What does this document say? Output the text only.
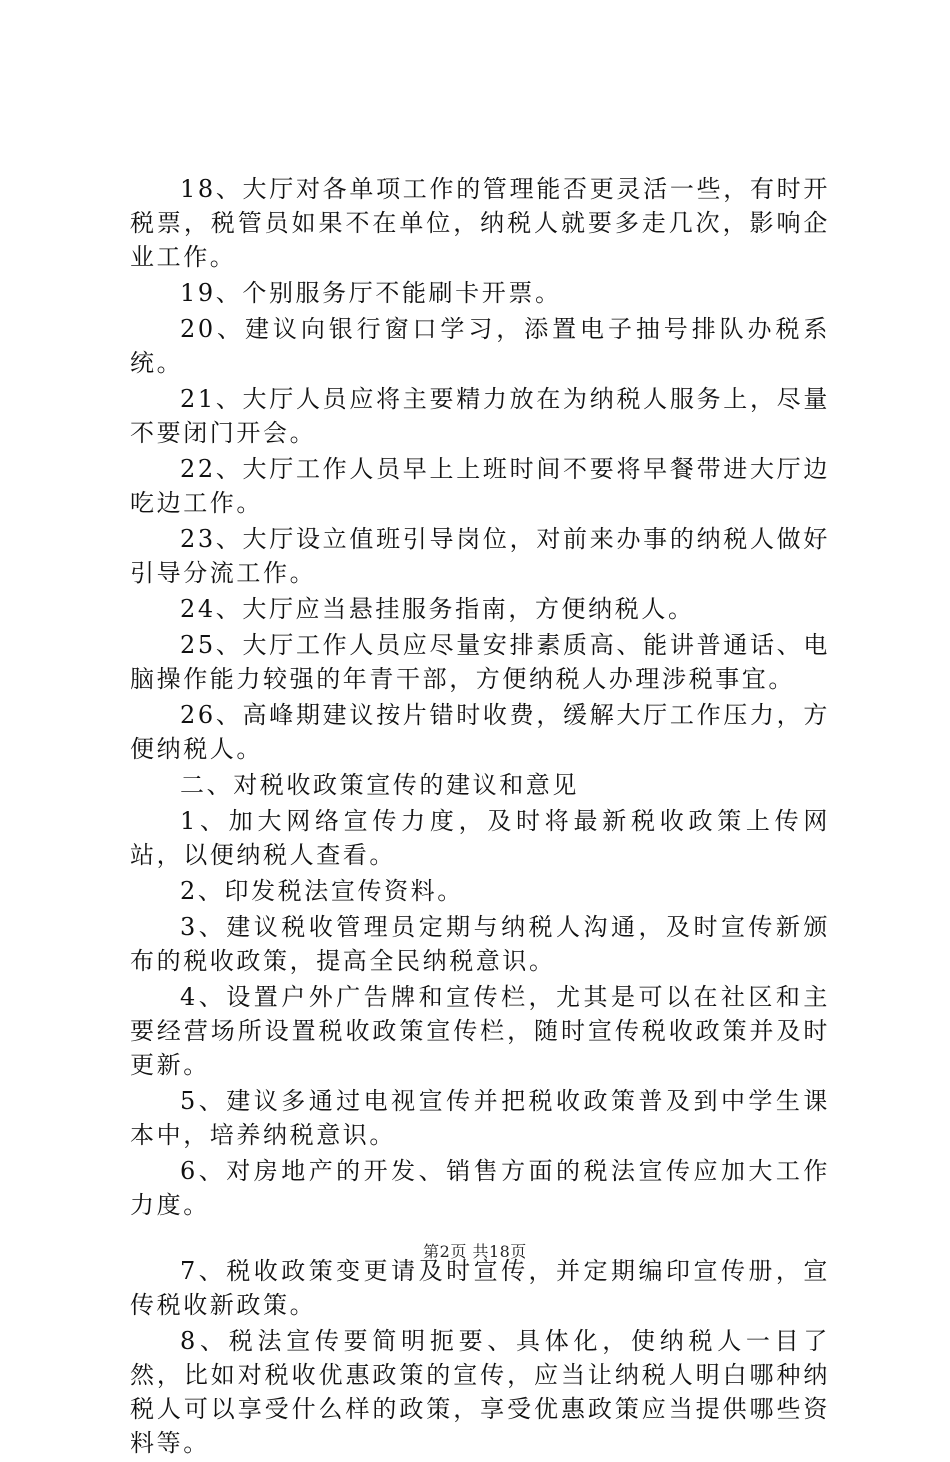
18、大厅对各单项工作的管理能否更灵活一些，有时开税票，税管员如果不在单位，纳税人就要多走几次，影响企业工作。

19、个别服务厅不能刷卡开票。

20、建议向银行窗口学习，添置电子抽号排队办税系统。

21、大厅人员应将主要精力放在为纳税人服务上，尽量不要闭门开会。

22、大厅工作人员早上上班时间不要将早餐带进大厅边吃边工作。

23、大厅设立值班引导岗位，对前来办事的纳税人做好引导分流工作。

24、大厅应当悬挂服务指南，方便纳税人。

25、大厅工作人员应尽量安排素质高、能讲普通话、电脑操作能力较强的年青干部，方便纳税人办理涉税事宜。

26、高峰期建议按片错时收费，缓解大厅工作压力，方便纳税人。

二、对税收政策宣传的建议和意见

1、加大网络宣传力度，及时将最新税收政策上传网站，以便纳税人查看。

2、印发税法宣传资料。

3、建议税收管理员定期与纳税人沟通，及时宣传新颁布的税收政策，提高全民纳税意识。

4、设置户外广告牌和宣传栏，尤其是可以在社区和主要经营场所设置税收政策宣传栏，随时宣传税收政策并及时更新。

5、建议多通过电视宣传并把税收政策普及到中学生课本中，培养纳税意识。

6、对房地产的开发、销售方面的税法宣传应加大工作力度。

7、税收政策变更请及时宣传，并定期编印宣传册，宣传税收新政策。

8、税法宣传要简明扼要、具体化，使纳税人一目了然，比如对税收优惠政策的宣传，应当让纳税人明白哪种纳税人可以享受什么样的政策，享受优惠政策应当提供哪些资料等。

第2页 共18页
